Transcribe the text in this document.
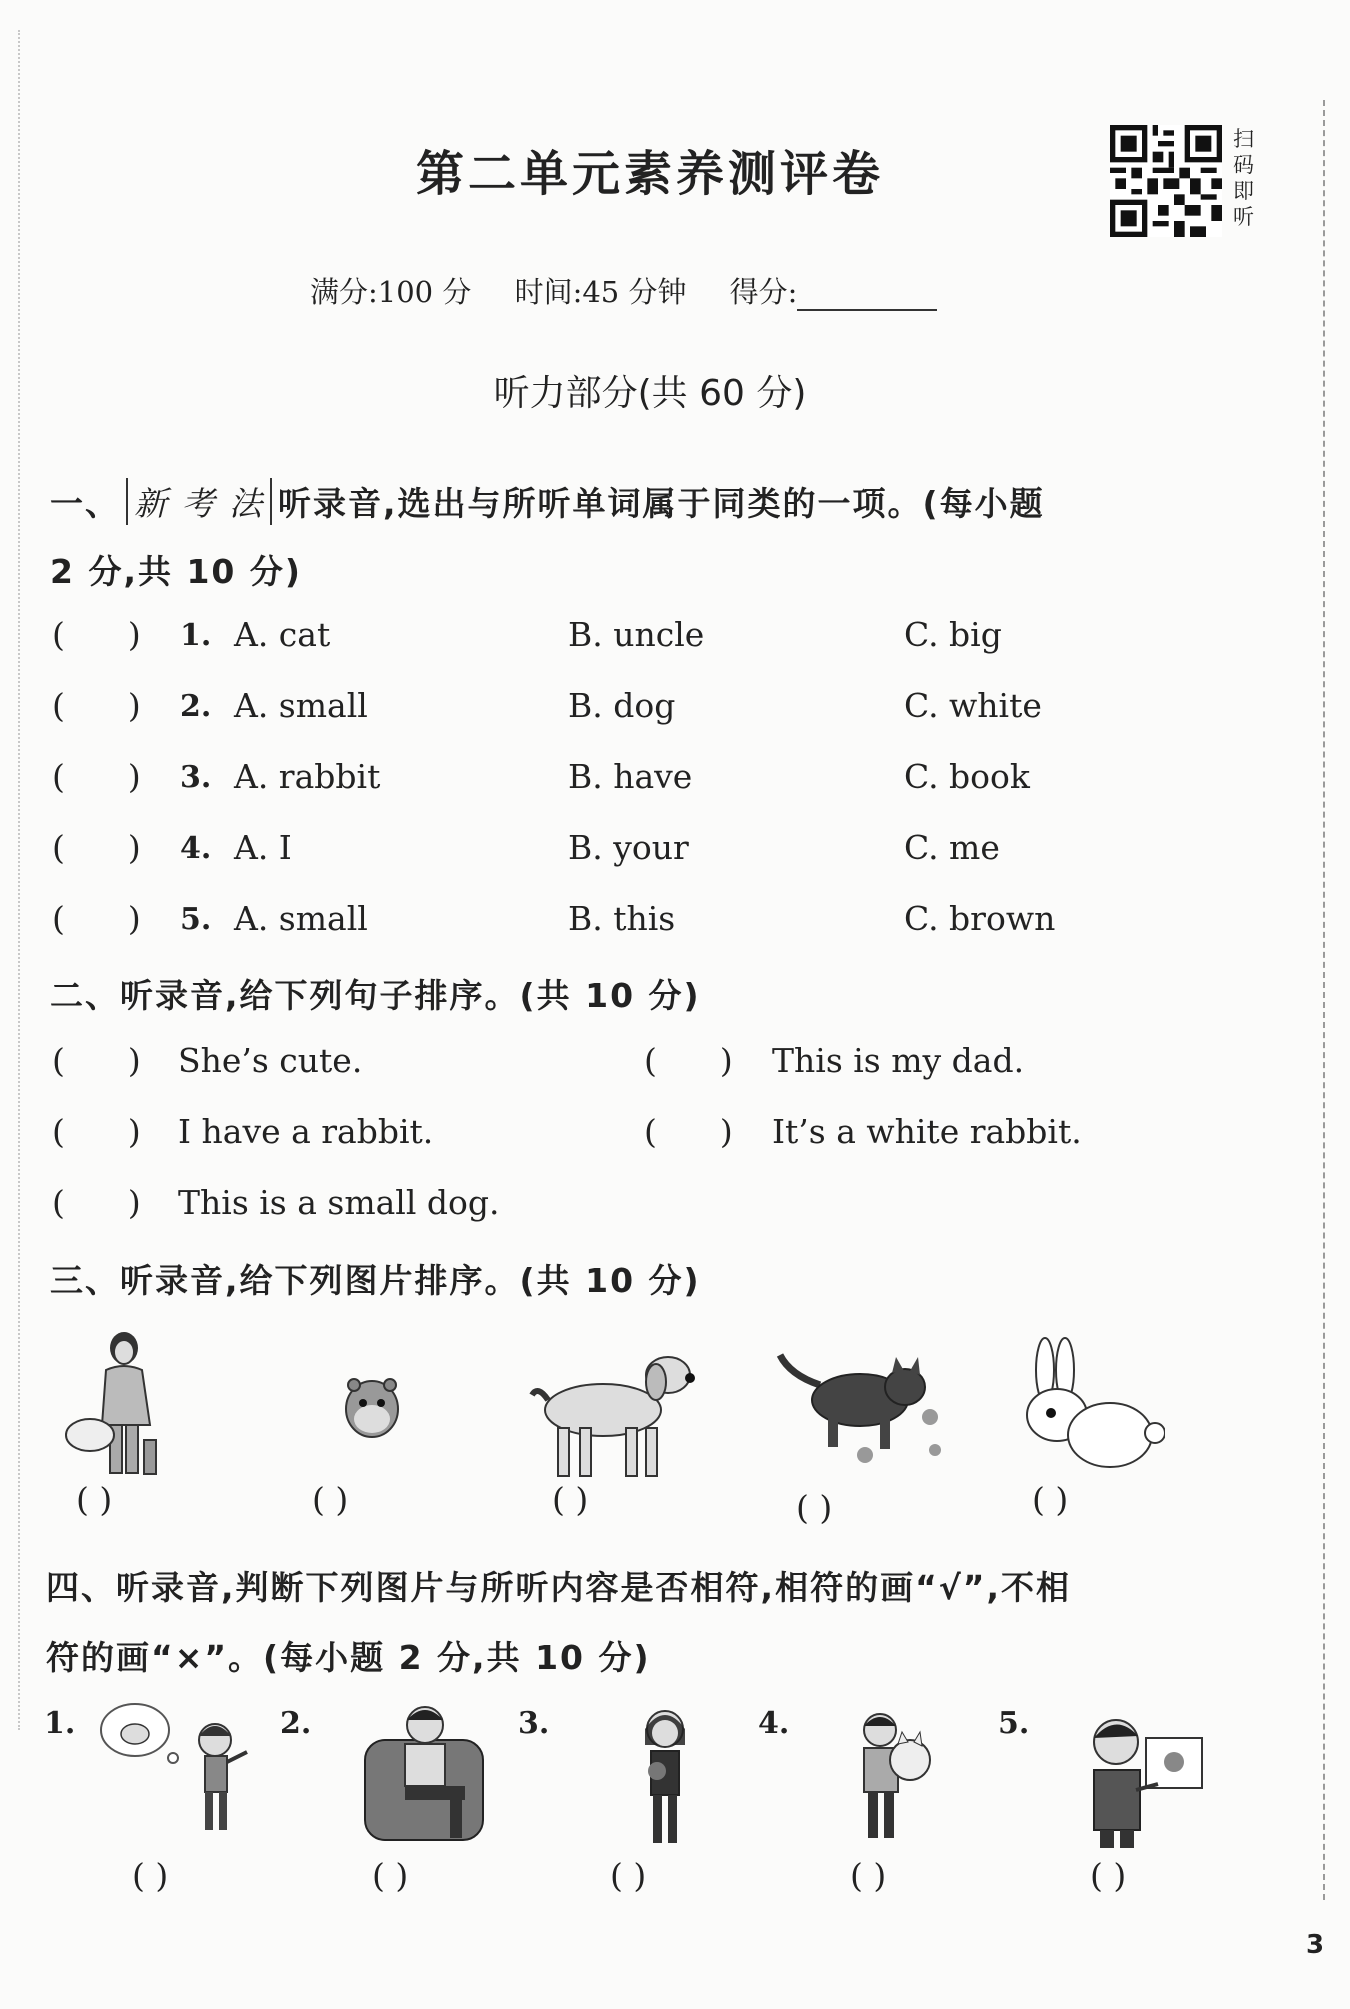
第二单元素养测评卷
扫
码
即
听
满分:100 分 时间:45 分钟 得分:
听力部分(共 60 分)
一、 新 考 法 听录音,选出与所听单词属于同类的一项。(每小题
2 分,共 10 分)
(      )	1. A. cat	B. uncle	C. big
(      ) 2. A. small	B. dog	C. white
(      ) 3. A. rabbit	B. have	C. book
(      ) 4. A. I	B. your	C. me
(      ) 5. A. small	B. this	C. brown
二、听录音,给下列句子排序。(共 10 分)
(      ) She’s cute.	(      ) This is my dad.
(      ) I have a rabbit.	(      ) It’s a white rabbit.
(      ) This is a small dog.
三、听录音,给下列图片排序。(共 10 分)
( )	( )	( )	( )	( )
四、听录音,判断下列图片与所听内容是否相符,相符的画“√”,不相
符的画“×”。(每小题 2 分,共 10 分)
1.	2.	3.	4.	5.
( )	( )	( )	( )	( )
3
